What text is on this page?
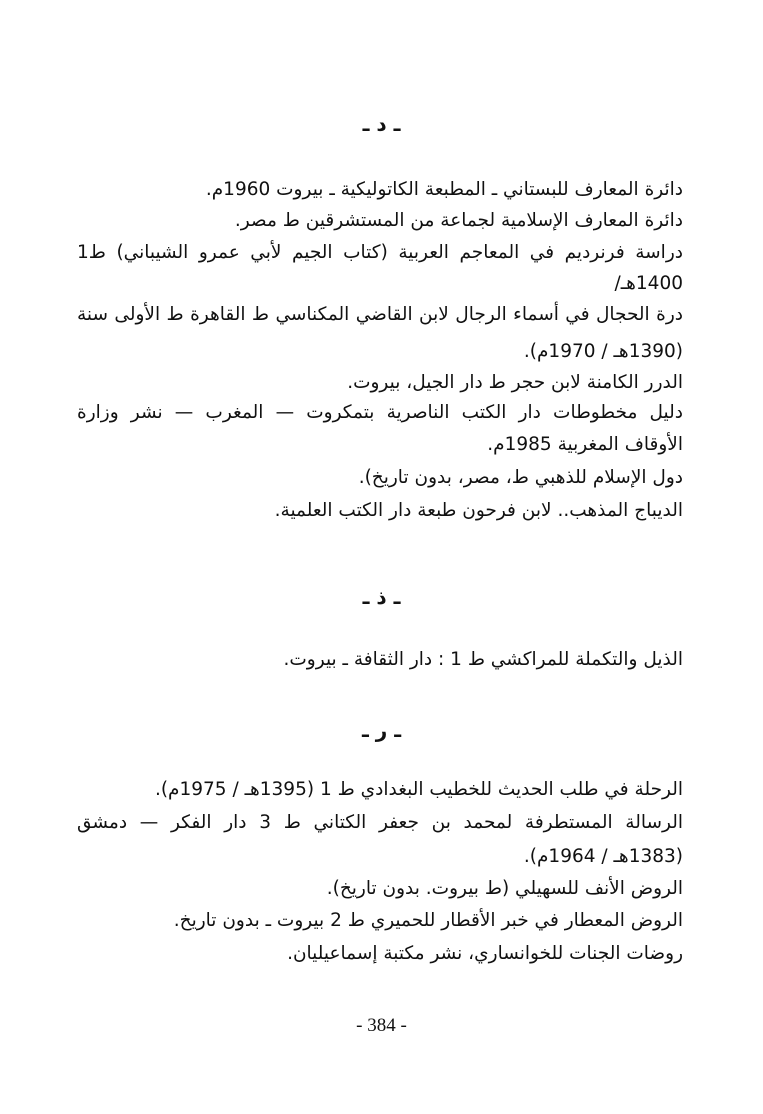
ـ د ـ
دائرة المعارف للبستاني ـ المطبعة الكاتوليكية ـ بيروت 1960م.
دائرة المعارف الإسلامية لجماعة من المستشرقين ط مصر.
دراسة فرنرديم في المعاجم العربية (كتاب الجيم لأبي عمرو الشيباني) ط1
1400هـ/
درة الحجال في أسماء الرجال لابن القاضي المكناسي ط القاهرة ط الأولى سنة
(1390هـ / 1970م).
الدرر الكامنة لابن حجر ط دار الجيل، بيروت.
دليل مخطوطات دار الكتب الناصرية بتمكروت — المغرب — نشر وزارة
الأوقاف المغربية 1985م.
دول الإسلام للذهبي ط، مصر، بدون تاريخ).
الديباج المذهب.. لابن فرحون طبعة دار الكتب العلمية.
ـ ذ ـ
الذيل والتكملة للمراكشي ط 1 : دار الثقافة ـ بيروت.
ـ ر ـ
الرحلة في طلب الحديث للخطيب البغدادي ط 1 (1395هـ / 1975م).
الرسالة المستطرفة لمحمد بن جعفر الكتاني ط 3 دار الفكر — دمشق
(1383هـ / 1964م).
الروض الأنف للسهيلي (ط بيروت. بدون تاريخ).
الروض المعطار في خبر الأقطار للحميري ط 2 بيروت ـ بدون تاريخ.
روضات الجنات للخوانساري، نشر مكتبة إسماعيليان.
- 384 -
